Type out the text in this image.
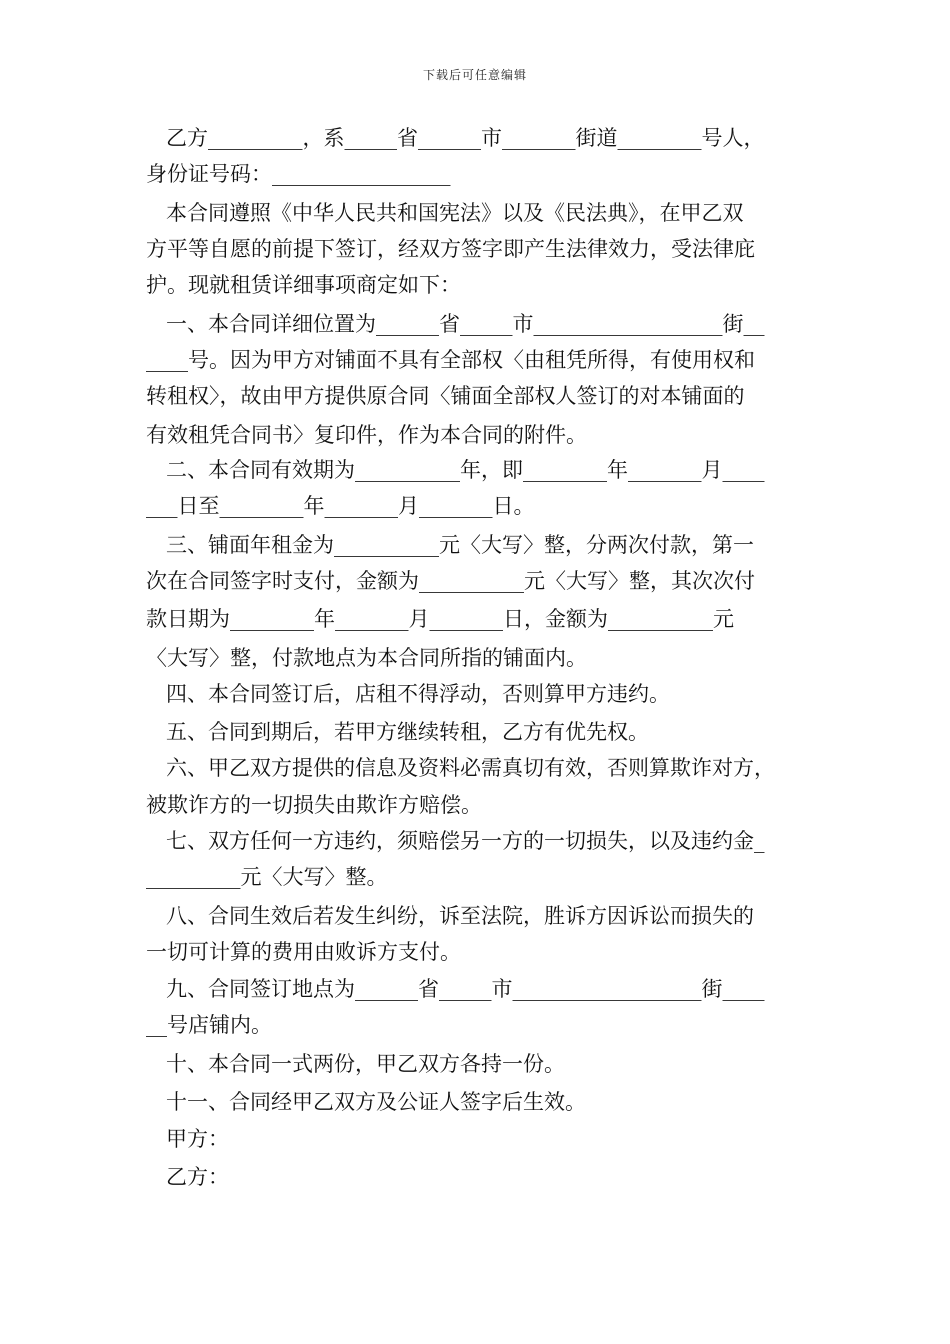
下载后可任意编辑
乙方_________，系_____省______市_______街道________号人，
身份证号码：_________________
本合同遵照《中华人民共和国宪法》以及《民法典》，在甲乙双
方平等自愿的前提下签订，经双方签字即产生法律效力，受法律庇
护。现就租赁详细事项商定如下：
一、本合同详细位置为______省_____市__________________街__
____号。因为甲方对铺面不具有全部权〈由租凭所得，有使用权和
转租权〉，故由甲方提供原合同〈铺面全部权人签订的对本铺面的
有效租凭合同书〉复印件，作为本合同的附件。
二、本合同有效期为__________年，即________年_______月____
___日至________年_______月_______日。
三、铺面年租金为__________元〈大写〉整，分两次付款，第一
次在合同签字时支付，金额为__________元〈大写〉整，其次次付
款日期为________年_______月_______日，金额为__________元
〈大写〉整，付款地点为本合同所指的铺面内。
四、本合同签订后，店租不得浮动，否则算甲方违约。
五、合同到期后，若甲方继续转租，乙方有优先权。
六、甲乙双方提供的信息及资料必需真切有效，否则算欺诈对方，
被欺诈方的一切损失由欺诈方赔偿。
七、双方任何一方违约，须赔偿另一方的一切损失，以及违约金_
_________元〈大写〉整。
八、合同生效后若发生纠纷，诉至法院，胜诉方因诉讼而损失的
一切可计算的费用由败诉方支付。
九、合同签订地点为______省_____市__________________街____
__号店铺内。
十、本合同一式两份，甲乙双方各持一份。
十一、合同经甲乙双方及公证人签字后生效。
甲方：
乙方：
